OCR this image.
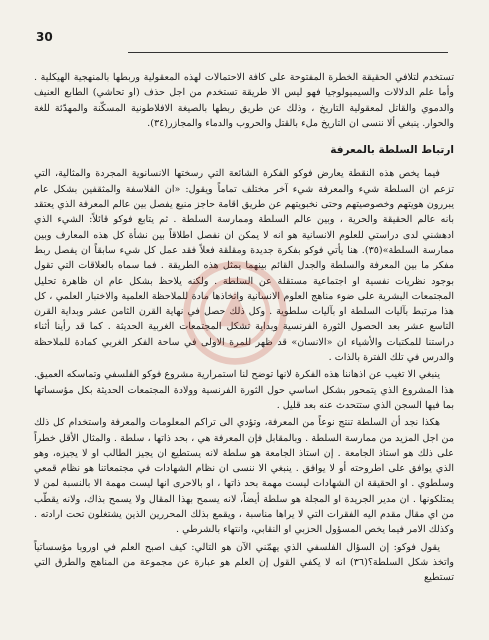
30

تستخدم لتلافي الحقيقة الخطرة المفتوحة على كافة الاحتمالات لهذه المعقولية وربطها بالمنهجية الهيكلية . وأما علم الدلالات والسيميولوجيا فهو ليس الا طريقة تستخدم من اجل حذف (او تحاشي) الطابع العنيف والدموي والقاتل لمعقولية التاريخ ، وذلك عن طريق ربطها بالصيغة الافلاطونية المسكّنة والمهدّئة للغة والحوار. ينبغي ألا ننسى ان التاريخ ملء بالقتل والحروب والدماء والمجازر(٣٤).

ارتباط السلطة بالمعرفة

فيما يخص هذه النقطة يعارض فوكو الفكرة الشائعة التي رسختها الانسانوية المجردة والمثالية، التي تزعم ان السلطة شيء والمعرفة شيء آخر مختلف تماماً ويقول: «ان الفلاسفة والمثقفين بشكل عام يبررون هويتهم وخصوصيتهم وحتى نخبويتهم عن طريق اقامة حاجز منيع يفصل بين عالم المعرفة الذي يعتقد بانه عالم الحقيقة والحرية ، وبين عالم السلطة وممارسة السلطة . ثم يتابع فوكو قائلاً: الشيء الذي ادهشني لدى دراستي للعلوم الانسانية هو انه لا يمكن ان نفصل اطلاقاً بين نشأة كل هذه المعارف وبين ممارسة السلطة»(٣٥). هنا يأتي فوكو بفكرة جديدة ومقلقة فعلاً فقد عمل كل شيء سابقاً ان يفصل ربط مفكر ما بين المعرفة والسلطة والجدل القائم بينهما يمثل هذه الطريقة . فما سماه بالعلاقات التي تقول بوجود نظريات نفسية او اجتماعية مستقلة عن السلطة . ولكنه يلاحظ بشكل عام ان ظاهرة تحليل المجتمعات البشرية على ضوء مناهج العلوم الانسانية واتخاذها مادة للملاحظة العلمية والاختبار العلمي ، كل هذا مرتبط بآليات السلطة او بآليات سلطوية . وكل ذلك حصل في نهاية القرن الثامن عشر وبداية القرن التاسع عشر بعد الحصول الثورة الفرنسية وبداية تشكل المجتمعات الغربية الحديثة . كما قد رأينا أثناء دراستنا للمكتبات والأشياء ان «الانسان» قد ظهر للمرة الاولى في ساحة الفكر الغربي كمادة للملاحظة والدرس في تلك الفترة بالذات .

ينبغي الا تغيب عن اذهاننا هذه الفكرة لانها توضح لنا استمرارية مشروع فوكو الفلسفي وتماسكه العميق. هذا المشروع الذي يتمحور بشكل اساسي حول الثورة الفرنسية وولادة المجتمعات الحديثة بكل مؤسساتها بما فيها السجن الذي ستتحدث عنه بعد قليل .

هكذا نجد أن السلطة تنتج نوعاً من المعرفة، وتؤدي الى تراكم المعلومات والمعرفة واستخدام كل ذلك من اجل المزيد من ممارسة السلطة . وبالمقابل فإن المعرفة هي ، بحد ذاتها ، سلطة . والمثال الأقل خطراً على ذلك هو استاذ الجامعة . إن استاذ الجامعة هو سلطة لانه يستطيع ان يجيز الطالب او لا يجيزه، وهو الذي يوافق على اطروحته أو لا يوافق . ينبغي الا ننسى ان نظام الشهادات في مجتمعاتنا هو نظام قمعي وسلطوي . او الحقيقة ان الشهادات ليست مهمة بحد ذاتها ، او بالاحرى انها ليست مهمة الا بالنسبة لمن لا يمتلكونها . ان مدير الجريدة او المجلة هو سلطة أيضاً، لانه يسمح بهذا المقال ولا يسمح بذاك، ولانه يقطّب من اي مقال مقدم اليه الفقرات التي لا يراها مناسبة ، ويقمع بذلك المحررين الذين يشتغلون تحت ارادته . وكذلك الامر فيما يخص المسؤول الحزبي او النقابي، وانتهاء بالشرطي .

يقول فوكو: إن السؤال الفلسفي الذي يهمّني الآن هو التالي: كيف اصبح العلم في اوروبا مؤسساتياً واتخذ شكل السلطة؟(٣٦) انه لا يكفي القول إن العلم هو عبارة عن مجموعة من المناهج والطرق التي تستطيع
